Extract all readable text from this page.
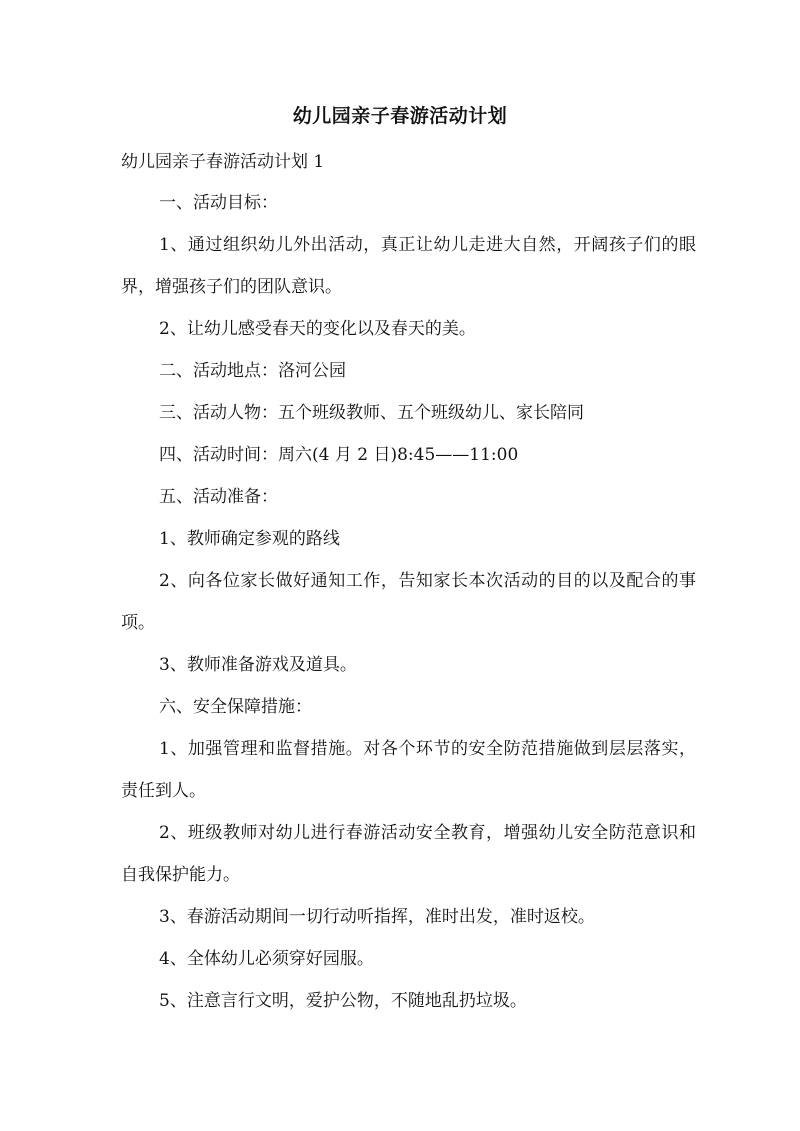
幼儿园亲子春游活动计划
幼儿园亲子春游活动计划 1

一、活动目标：

1、通过组织幼儿外出活动，真正让幼儿走进大自然，开阔孩子们的眼界，增强孩子们的团队意识。

2、让幼儿感受春天的变化以及春天的美。

二、活动地点：洛河公园

三、活动人物：五个班级教师、五个班级幼儿、家长陪同

四、活动时间：周六(4 月 2 日)8:45——11:00

五、活动准备：

1、教师确定参观的路线

2、向各位家长做好通知工作，告知家长本次活动的目的以及配合的事项。

3、教师准备游戏及道具。

六、安全保障措施：

1、加强管理和监督措施。对各个环节的安全防范措施做到层层落实，责任到人。

2、班级教师对幼儿进行春游活动安全教育，增强幼儿安全防范意识和自我保护能力。

3、春游活动期间一切行动听指挥，准时出发，准时返校。

4、全体幼儿必须穿好园服。

5、注意言行文明，爱护公物，不随地乱扔垃圾。
